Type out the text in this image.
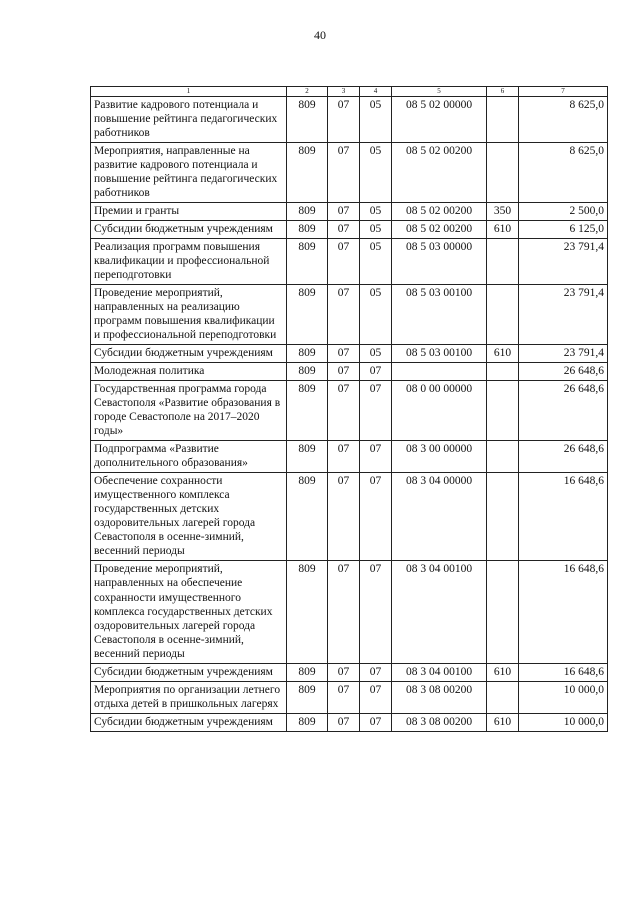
40
1	2	3	4	5	6	7
Развитие кадрового потенциала и повышение рейтинга педагогических работников	809	07	05	08 5 02 00000		8 625,0
Мероприятия, направленные на развитие кадрового потенциала и повышение рейтинга педагогических работников	809	07	05	08 5 02 00200		8 625,0
Премии и гранты	809	07	05	08 5 02 00200	350	2 500,0
Субсидии бюджетным учреждениям	809	07	05	08 5 02 00200	610	6 125,0
Реализация программ повышения квалификации и профессиональной переподготовки	809	07	05	08 5 03 00000		23 791,4
Проведение мероприятий, направленных на реализацию программ повышения квалификации и профессиональной переподготовки	809	07	05	08 5 03 00100		23 791,4
Субсидии бюджетным учреждениям	809	07	05	08 5 03 00100	610	23 791,4
Молодежная политика	809	07	07			26 648,6
Государственная программа города Севастополя «Развитие образования в городе Севастополе на 2017–2020 годы»	809	07	07	08 0 00 00000		26 648,6
Подпрограмма «Развитие дополнительного образования»	809	07	07	08 3 00 00000		26 648,6
Обеспечение сохранности имущественного комплекса государственных детских оздоровительных лагерей города Севастополя в осенне-зимний, весенний периоды	809	07	07	08 3 04 00000		16 648,6
Проведение мероприятий, направленных на обеспечение сохранности имущественного комплекса государственных детских оздоровительных лагерей города Севастополя в осенне-зимний, весенний периоды	809	07	07	08 3 04 00100		16 648,6
Субсидии бюджетным учреждениям	809	07	07	08 3 04 00100	610	16 648,6
Мероприятия по организации летнего отдыха детей в пришкольных лагерях	809	07	07	08 3 08 00200		10 000,0
Субсидии бюджетным учреждениям	809	07	07	08 3 08 00200	610	10 000,0
